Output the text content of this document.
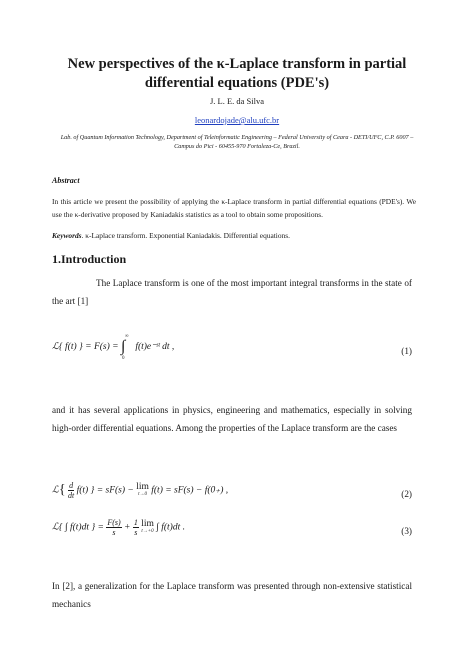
New perspectives of the κ-Laplace transform in partial differential equations (PDE's)
J. L. E. da Silva
leonardojade@alu.ufc.br
Lab. of Quantum Information Technology, Department of Teleinformatic Engineering – Federal University of Ceara - DETI/UFC, C.P. 6007 – Campus do Pici - 60455-970 Fortaleza-Ce, Brazil.
Abstract
In this article we present the possibility of applying the κ-Laplace transform in partial differential equations (PDE's). We use the κ-derivative proposed by Kaniadakis statistics as a tool to obtain some propositions.
Keywords. κ-Laplace transform. Exponential Kaniadakis. Differential equations.
1.Introduction
The Laplace transform is one of the most important integral transforms in the state of the art [1]
ℒ{ f(t) } = F(s) = ∫
∞
0
f(t)e⁻ˢᵗ dt ,	(1)
and it has several applications in physics, engineering and mathematics, especially in solving high-order differential equations. Among the properties of the Laplace transform are the cases
ℒ{ $\frac{d}{dt} f(t)$ } = sF(s) − lim
t→0 f(t) = sF(s) − f(0₊) ,	(2)
ℒ{ ∫ f(t)dt } = $\frac{F(s)}{s} + \frac{1}{s}$ lim
t→+0 ∫ f(t)dt .	(3)
In [2], a generalization for the Laplace transform was presented through non-extensive statistical mechanics
